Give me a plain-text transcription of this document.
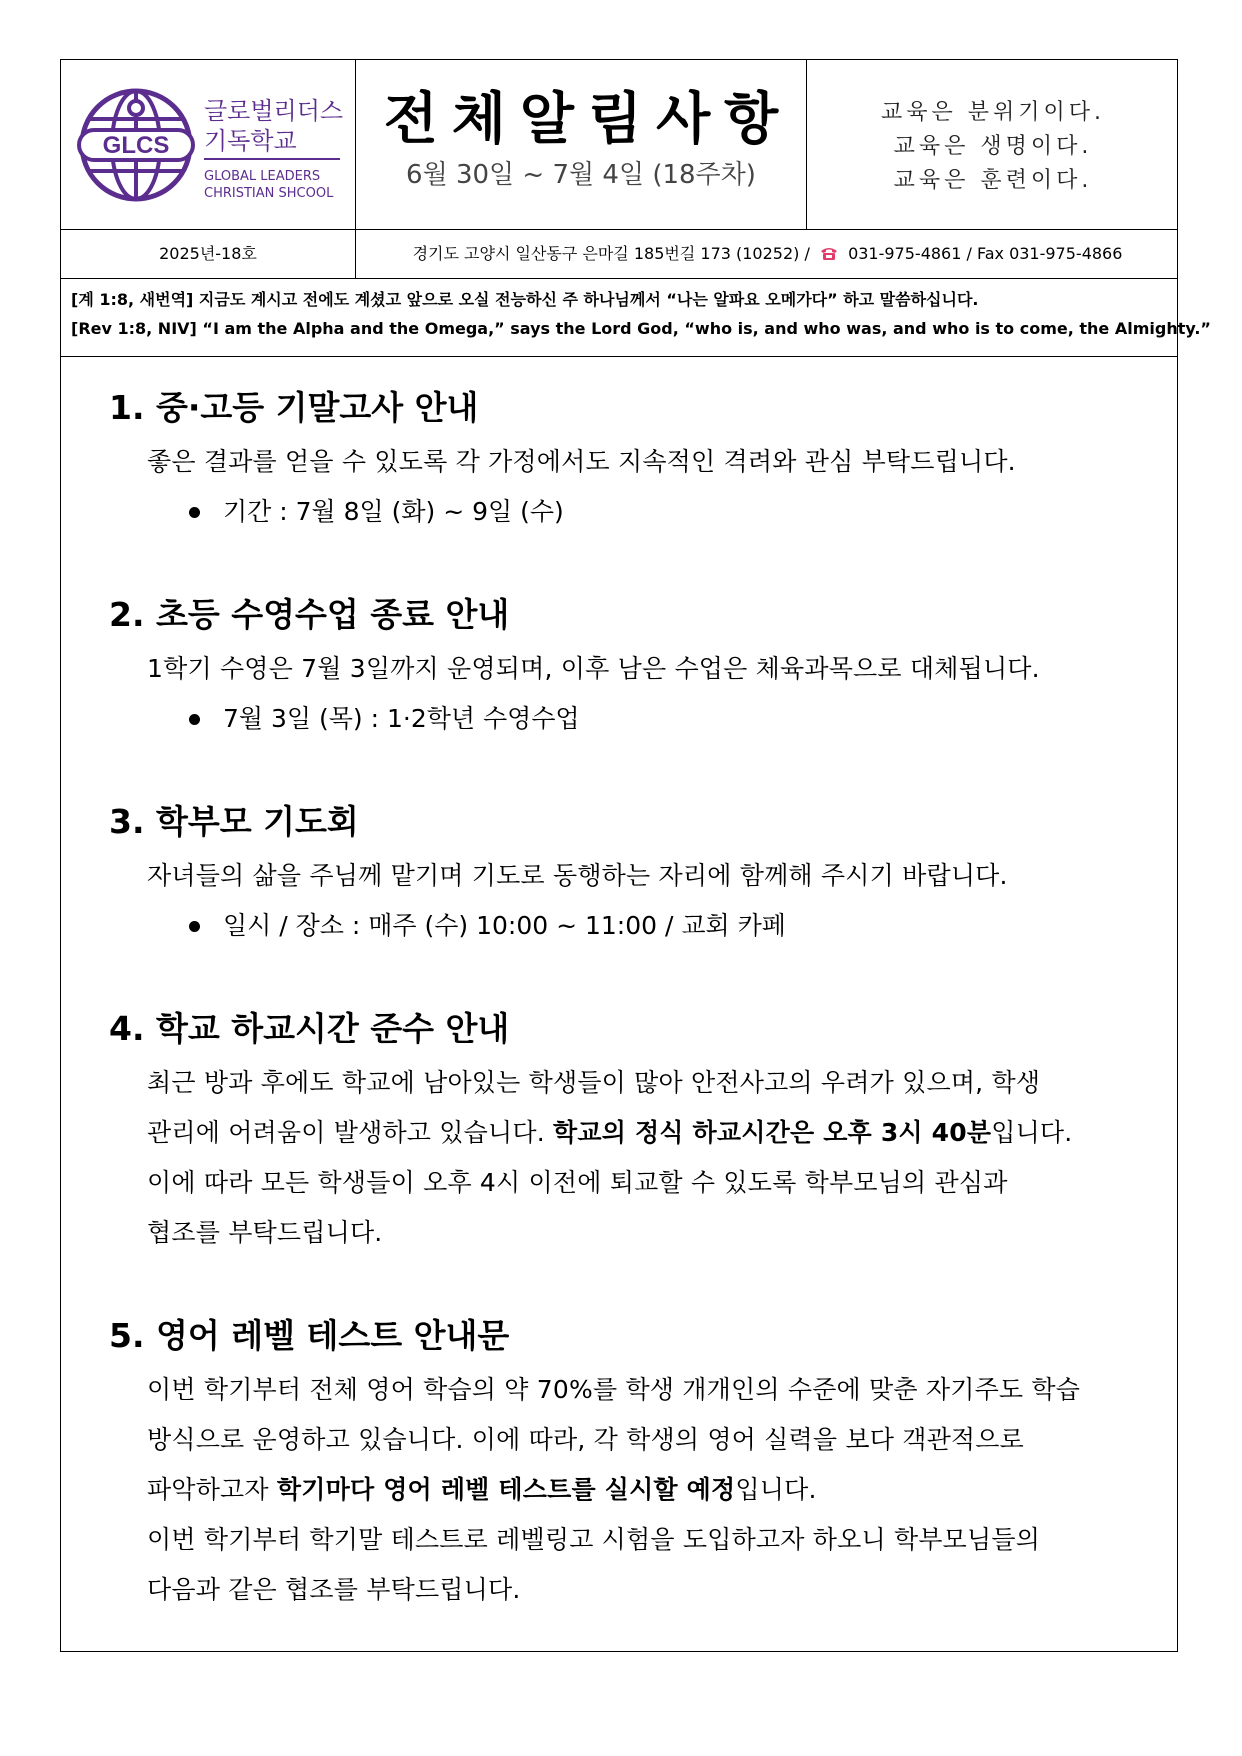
GLCS
글로벌리더스
기독학교
GLOBAL LEADERS
CHRISTIAN SHCOOL
전체알림사항
6월 30일 ~ 7월 4일 (18주차)
교육은 분위기이다.
교육은 생명이다.
교육은 훈련이다.
2025년-18호	경기도 고양시 일산동구 은마길 185번길 173 (10252) / 031-975-4861 / Fax 031-975-4866
[계 1:8, 새번역] 지금도 계시고 전에도 계셨고 앞으로 오실 전능하신 주 하나님께서 “나는 알파요 오메가다” 하고 말씀하십니다.
[Rev 1:8, NIV] “I am the Alpha and the Omega,” says the Lord God, “who is, and who was, and who is to come, the Almighty.”

1. 중·고등 기말고사 안내

좋은 결과를 얻을 수 있도록 각 가정에서도 지속적인 격려와 관심 부탁드립니다.

기간 : 7월 8일 (화) ~ 9일 (수)

2. 초등 수영수업 종료 안내

1학기 수영은 7월 3일까지 운영되며, 이후 남은 수업은 체육과목으로 대체됩니다.

7월 3일 (목) : 1·2학년 수영수업

3. 학부모 기도회

자녀들의 삶을 주님께 맡기며 기도로 동행하는 자리에 함께해 주시기 바랍니다.

일시 / 장소 : 매주 (수) 10:00 ~ 11:00 / 교회 카페

4. 학교 하교시간 준수 안내

최근 방과 후에도 학교에 남아있는 학생들이 많아 안전사고의 우려가 있으며, 학생

관리에 어려움이 발생하고 있습니다. 학교의 정식 하교시간은 오후 3시 40분입니다.

이에 따라 모든 학생들이 오후 4시 이전에 퇴교할 수 있도록 학부모님의 관심과

협조를 부탁드립니다.

5. 영어 레벨 테스트 안내문

이번 학기부터 전체 영어 학습의 약 70%를 학생 개개인의 수준에 맞춘 자기주도 학습

방식으로 운영하고 있습니다. 이에 따라, 각 학생의 영어 실력을 보다 객관적으로

파악하고자 학기마다 영어 레벨 테스트를 실시할 예정입니다.

이번 학기부터 학기말 테스트로 레벨링고 시험을 도입하고자 하오니 학부모님들의

다음과 같은 협조를 부탁드립니다.
